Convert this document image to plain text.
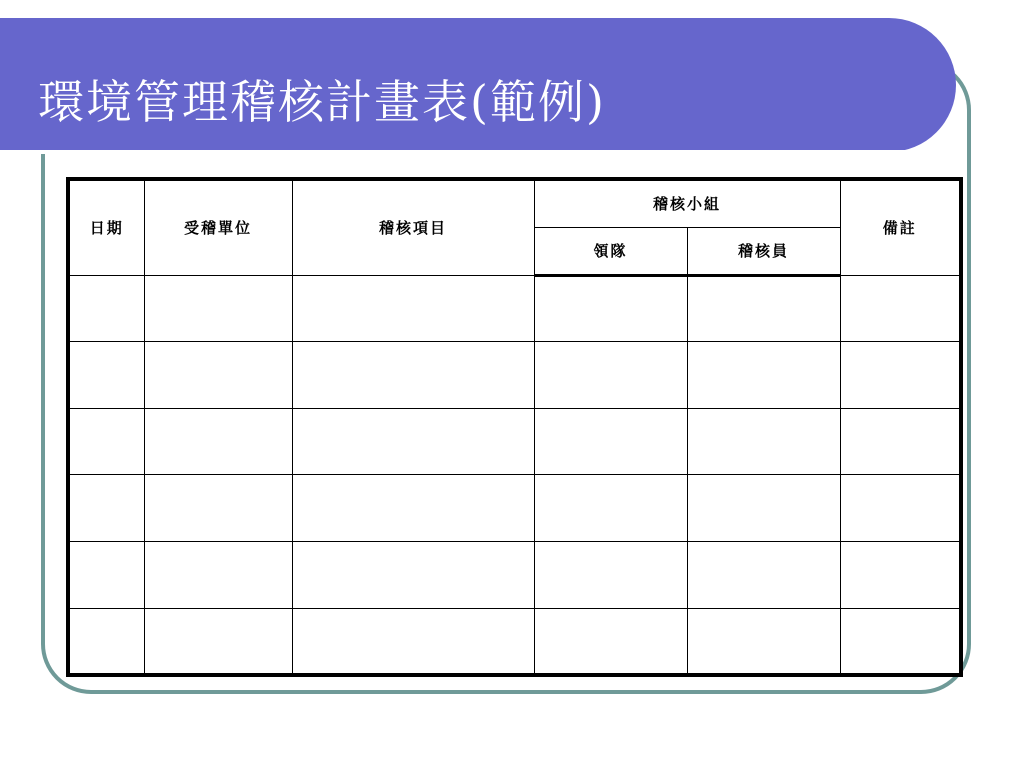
環境管理稽核計畫表(範例)
日期	受稽單位	稽核項目	稽核小組		備註
			領隊	稽核員	
